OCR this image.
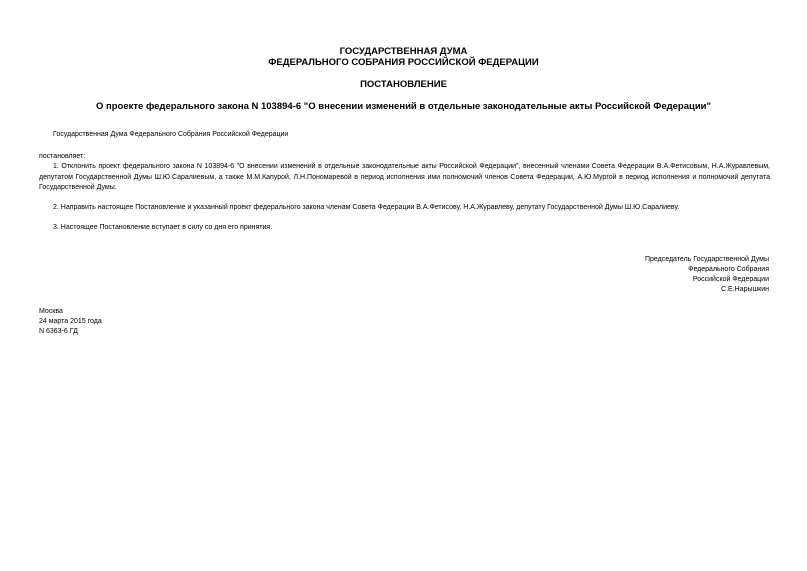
ГОСУДАРСТВЕННАЯ ДУМА
ФЕДЕРАЛЬНОГО СОБРАНИЯ РОССИЙСКОЙ ФЕДЕРАЦИИ
ПОСТАНОВЛЕНИЕ
О проекте федерального закона N 103894-6 "О внесении изменений в отдельные законодательные акты Российской Федерации"
Государственная Дума Федерального Собрания Российской Федерации
постановляет:
1. Отклонить проект федерального закона N 103894-6 "О внесении изменений в отдельные законодательные акты Российской Федерации", внесенный членами Совета Федерации В.А.Фетисовым, Н.А.Журавлевым, депутатом Государственной Думы Ш.Ю.Саралиевым, а также М.М.Капурой, Л.Н.Пономаревой в период исполнения ими полномочий членов Совета Федерации, А.Ю.Мургой в период исполнения и полномочий депутата Государственной Думы.
2. Направить настоящее Постановление и указанный проект федерального закона членам Совета Федерации В.А.Фетисову, Н.А.Журавлеву, депутату Государственной Думы Ш.Ю.Саралиеву.
3. Настоящее Постановление вступает в силу со дня его принятия.
Председатель Государственной Думы
Федерального Собрания
Российской Федерации
С.Е.Нарышкин
Москва
24 марта 2015 года
N 6363-6 ГД
